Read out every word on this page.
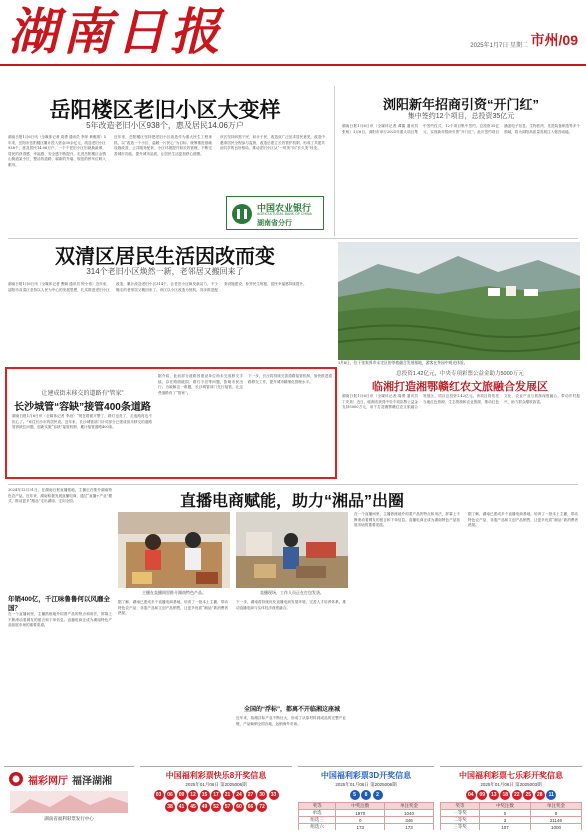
湖南日报	2025年1月7日 星期二 市州/09
岳阳楼区老旧小区大变样
5年改造老旧小区938个，惠及居民14.06万户
湖南日报1月6日讯（全媒体记者 周勇 通讯员 李萍 黄雅琪）5年来，岳阳市岳阳楼区累计投入资金30余亿元，改造老旧小区938个，惠及居民14.06万户，一个个老旧小区旧貌换新颜，居民的获得感、幸福感、安全感不断提升。走进岳阳楼区金鹗山街道某小区，整洁的道路、崭新的外墙、规范的停车位映入眼帘。
近年来，岳阳楼区坚持把老旧小区改造作为重大民生工程来抓，以“改造一个小区、温暖一片民心”为目标，统筹推进基础设施改造、公共服务配套、小区环境提升和长效管理，不断完善城市功能，提升城市品质，让居民生活更加舒心便捷。
该区坚持问需于民、问计于民，改造前广泛征求居民意见，改造中邀请居民全程参与监督，改造后建立长效管护机制，形成了共建共治共享的良好格局，推动老旧小区从“一时美”向“长久美”转变。
中国农业银行
AGRICULTURAL BANK OF CHINA
湖南省分行
浏阳新年招商引资“开门红”
集中签约12个项目，总投资35亿元
湖南日报1月6日讯（全媒体记者 谭露 通讯员 张杨）1月6日，浏阳市举行2025年重大项目集中签约仪式，12个项目集中签约，总投资35亿元，实现新年招商引资“开门红”。此次签约项目涵盖电子信息、生物医药、先进装备制造等多个领域，将为浏阳高质量发展注入强劲动能。
双清区居民生活因改而变
314个老旧小区焕然一新，老邻居又搬回来了
湖南日报1月6日讯（全媒体记者 曹娴 通讯员 钟小伟）近年来，邵阳市双清区坚持以人民为中心的发展思想，扎实推进老旧小区改造，累计改造老旧小区314个，让老旧小区焕发新活力，不少搬走的老邻居又搬回来了。该区以小区改造为契机，同步推进配套设施建设，补齐民生短板，居民幸福感持续提升。
1月6日，位于张家界市永定区的茶旅融合发展基地，游客在茶园中观光体验。
让建成街未移交的道路有“管家”
长沙城管“容缺”接管400条道路
湖南日报1月6日讯（全媒体记者 李治）“现在路面平整了，路灯也亮了，走夜路再也不担心了。”家住长沙市的居民说。近年来，长沙城管部门针对部分已建成但未移交的道路管养缺位问题，创新实施“容缺”接管机制，累计接管道路400条。
据介绍，此前部分道路因建设单位尚未完成移交手续，存在路面破损、路灯不亮等问题，影响市民出行。为破解这一难题，长沙城管部门先行接管，让这些道路有了“管家”。
下一步，长沙将持续完善道路接管机制，加快推进道路移交工作，提升城市精细化管理水平。
总投资1.42亿元，中央专项彩票公益金助力5000万元
临湘打造湘鄂赣红农文旅融合发展区
湖南日报1月6日讯（全媒体记者 周勇 通讯员 丁安美）近日，临湘市获得中央专项彩票公益金支持5000万元，用于打造湘鄂赣红农文旅融合发展区，项目总投资1.42亿元。该项目将依托当地红色资源、生态资源和农业资源，推动红色文化、农业产业与旅游深度融合，带动乡村振兴，助力群众增收致富。
2024年12月31日，在湖南日报直播基地，主播正在推介湖南特色农产品。近年来，湖南积极发展直播电商，通过“直播+产业”模式，推动更多“湘品”走出湖南、走向全国。	直播电商赋能，助力“湘品”出圈
主播在直播间里推介湖南特色产品。	直播现场，工作人员正在打包发货。
年销400亿，千江味鲁鲁何以风靡全国？
在一个直播间里，主播熟练地介绍着产品的特点和用法，屏幕上不断滚动着网友的留言和下单信息。直播电商正成为湖南特色产品拓展市场的重要渠道。
据了解，湖南已建成多个直播电商基地，培育了一批本土主播，带动特色农产品、非遗产品和文创产品销售，让更多优质“湘品”被消费者熟知。
下一步，湖南将持续优化直播电商发展环境，完善人才培养体系，推动直播电商与实体经济深度融合。
全国的“浮标”，都离不开临湘这座城
近年来，临湘浮标产业不断壮大，形成了从原材料到成品的完整产业链，产品畅销全国各地，远销海外市场。
在一个直播间里，主播熟练地介绍着产品的特点和用法，屏幕上不断滚动着网友的留言和下单信息。直播电商正成为湖南特色产品拓展市场的重要渠道。
据了解，湖南已建成多个直播电商基地，培育了一批本土主播，带动特色农产品、非遗产品和文创产品销售，让更多优质“湘品”被消费者熟知。
福彩网厅 福泽湖湘
湖南省福利彩票发行中心
中国福利彩票快乐8开奖信息
2025年01月06日 第2025006期
03	06	09	12	15	17	21	24	27	30	33
38	41	45	49	52	57	60	66	72
中国福利彩票3D开奖信息
2025年01月06日 第2025006期
5	8	2
奖等	中奖注数	单注奖金
单选	1970	1040
组选三	0	346
组选六	173	173
中国福利彩票七乐彩开奖信息
2025年01月06日 第2025003期
04	09	13	18	22	25	28	11
奖等	中奖注数	单注奖金
一等奖	0	0
二等奖	3	21146
三等奖	107	1000
